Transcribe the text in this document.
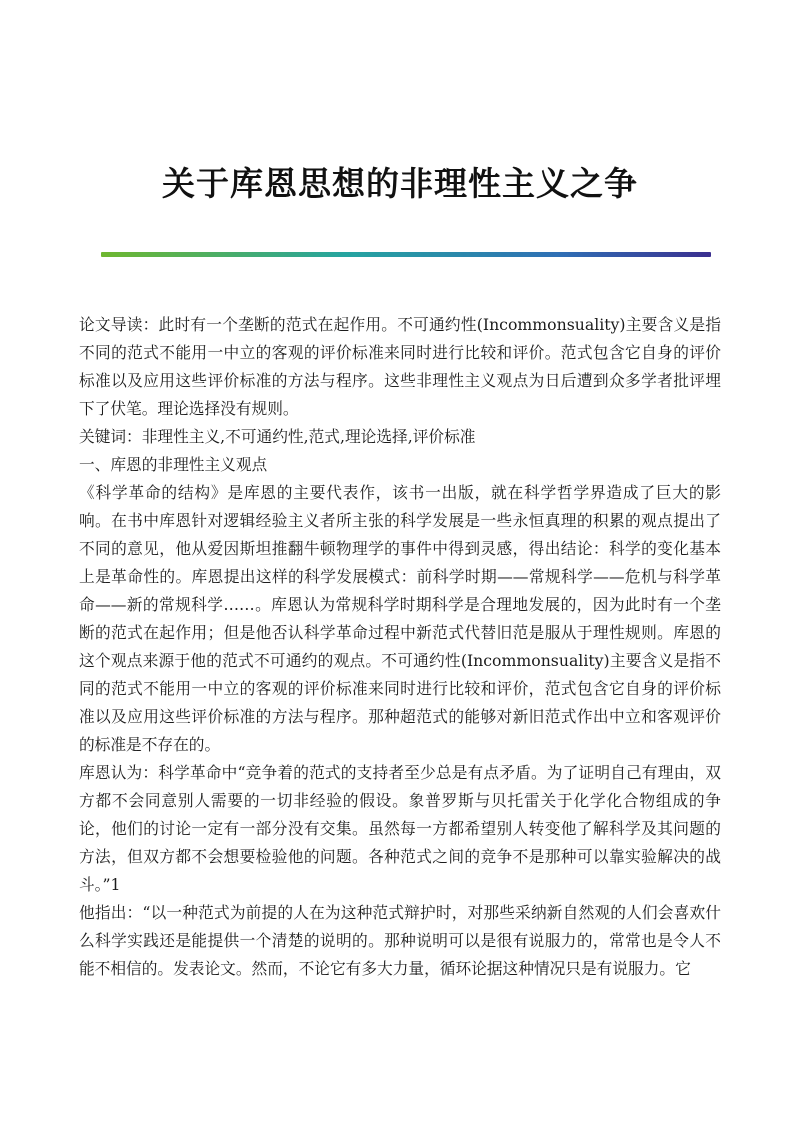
关于库恩思想的非理性主义之争

论文导读：此时有一个垄断的范式在起作用。不可通约性(Incommonsuality)主要含义是指不同的范式不能用一中立的客观的评价标准来同时进行比较和评价。范式包含它自身的评价标准以及应用这些评价标准的方法与程序。这些非理性主义观点为日后遭到众多学者批评埋下了伏笔。理论选择没有规则。

关键词：非理性主义,不可通约性,范式,理论选择,评价标准

一、库恩的非理性主义观点

《科学革命的结构》是库恩的主要代表作，该书一出版，就在科学哲学界造成了巨大的影响。在书中库恩针对逻辑经验主义者所主张的科学发展是一些永恒真理的积累的观点提出了不同的意见，他从爱因斯坦推翻牛顿物理学的事件中得到灵感，得出结论：科学的变化基本上是革命性的。库恩提出这样的科学发展模式：前科学时期——常规科学——危机与科学革命——新的常规科学……。库恩认为常规科学时期科学是合理地发展的，因为此时有一个垄断的范式在起作用；但是他否认科学革命过程中新范式代替旧范是服从于理性规则。库恩的这个观点来源于他的范式不可通约的观点。不可通约性(Incommonsuality)主要含义是指不同的范式不能用一中立的客观的评价标准来同时进行比较和评价，范式包含它自身的评价标准以及应用这些评价标准的方法与程序。那种超范式的能够对新旧范式作出中立和客观评价的标准是不存在的。

库恩认为：科学革命中“竞争着的范式的支持者至少总是有点矛盾。为了证明自己有理由，双方都不会同意别人需要的一切非经验的假设。象普罗斯与贝托雷关于化学化合物组成的争论，他们的讨论一定有一部分没有交集。虽然每一方都希望别人转变他了解科学及其问题的方法，但双方都不会想要检验他的问题。各种范式之间的竞争不是那种可以靠实验解决的战斗。”1

他指出：“以一种范式为前提的人在为这种范式辩护时，对那些采纳新自然观的人们会喜欢什么科学实践还是能提供一个清楚的说明的。那种说明可以是很有说服力的，常常也是令人不能不相信的。发表论文。然而，不论它有多大力量，循环论据这种情况只是有说服力。它
